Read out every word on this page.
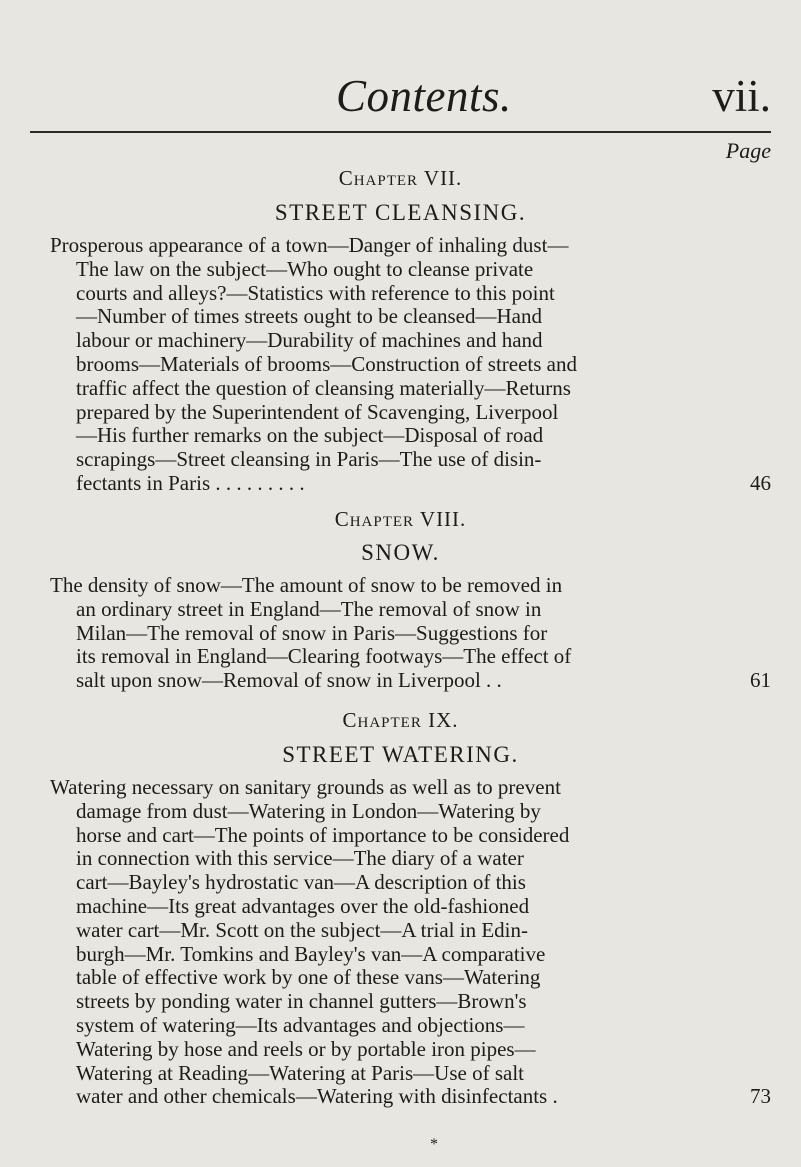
Contents.	vii.
Page
Chapter VII.
STREET CLEANSING.
Prosperous appearance of a town—Danger of inhaling dust—
The law on the subject—Who ought to cleanse private
courts and alleys?—Statistics with reference to this point
—Number of times streets ought to be cleansed—Hand
labour or machinery—Durability of machines and hand
brooms—Materials of brooms—Construction of streets and
traffic affect the question of cleansing materially—Returns
prepared by the Superintendent of Scavenging, Liverpool
—His further remarks on the subject—Disposal of road
scrapings—Street cleansing in Paris—The use of disin-
fectants in Paris . . . . . . . . .	46
Chapter VIII.
SNOW.
The density of snow—The amount of snow to be removed in
an ordinary street in England—The removal of snow in
Milan—The removal of snow in Paris—Suggestions for
its removal in England—Clearing footways—The effect of
salt upon snow—Removal of snow in Liverpool . .	61
Chapter IX.
STREET WATERING.
Watering necessary on sanitary grounds as well as to prevent
damage from dust—Watering in London—Watering by
horse and cart—The points of importance to be considered
in connection with this service—The diary of a water
cart—Bayley's hydrostatic van—A description of this
machine—Its great advantages over the old-fashioned
water cart—Mr. Scott on the subject—A trial in Edin-
burgh—Mr. Tomkins and Bayley's van—A comparative
table of effective work by one of these vans—Watering
streets by ponding water in channel gutters—Brown's
system of watering—Its advantages and objections—
Watering by hose and reels or by portable iron pipes—
Watering at Reading—Watering at Paris—Use of salt
water and other chemicals—Watering with disinfectants .	73
*
